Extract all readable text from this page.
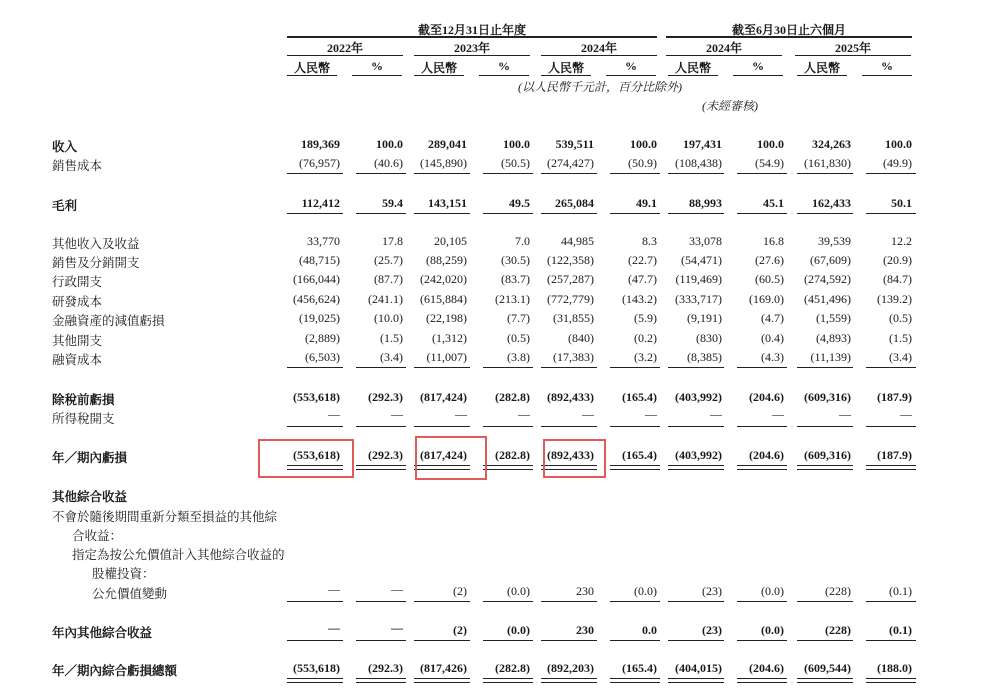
截至12月31日止年度	截至6月30日止六個月
2022年	2023年	2024年	2024年	2025年
人民幣	%	人民幣	%	人民幣	%	人民幣	%	人民幣	%
(以人民幣千元計，百分比除外)
(未經審核)
收入	189,369	100.0	289,041	100.0	539,511	100.0	197,431	100.0	324,263	100.0
銷售成本	(76,957)	(40.6)	(145,890)	(50.5)	(274,427)	(50.9)	(108,438)	(54.9)	(161,830)	(49.9)
毛利	112,412	59.4	143,151	49.5	265,084	49.1	88,993	45.1	162,433	50.1
其他收入及收益	33,770	17.8	20,105	7.0	44,985	8.3	33,078	16.8	39,539	12.2
銷售及分銷開支	(48,715)	(25.7)	(88,259)	(30.5)	(122,358)	(22.7)	(54,471)	(27.6)	(67,609)	(20.9)
行政開支	(166,044)	(87.7)	(242,020)	(83.7)	(257,287)	(47.7)	(119,469)	(60.5)	(274,592)	(84.7)
研發成本	(456,624)	(241.1)	(615,884)	(213.1)	(772,779)	(143.2)	(333,717)	(169.0)	(451,496)	(139.2)
金融資產的減值虧損	(19,025)	(10.0)	(22,198)	(7.7)	(31,855)	(5.9)	(9,191)	(4.7)	(1,559)	(0.5)
其他開支	(2,889)	(1.5)	(1,312)	(0.5)	(840)	(0.2)	(830)	(0.4)	(4,893)	(1.5)
融資成本	(6,503)	(3.4)	(11,007)	(3.8)	(17,383)	(3.2)	(8,385)	(4.3)	(11,139)	(3.4)
除稅前虧損	(553,618)	(292.3)	(817,424)	(282.8)	(892,433)	(165.4)	(403,992)	(204.6)	(609,316)	(187.9)
所得稅開支	—	—	—	—	—	—	—	—	—	—
年／期內虧損	(553,618)	(292.3)	(817,424)	(282.8)	(892,433)	(165.4)	(403,992)	(204.6)	(609,316)	(187.9)
其他綜合收益
不會於隨後期間重新分類至損益的其他綜
合收益：
指定為按公允價值計入其他綜合收益的
股權投資：
公允價值變動	—	—	(2)	(0.0)	230	(0.0)	(23)	(0.0)	(228)	(0.1)
年內其他綜合收益	—	—	(2)	(0.0)	230	0.0	(23)	(0.0)	(228)	(0.1)
年／期內綜合虧損總額	(553,618)	(292.3)	(817,426)	(282.8)	(892,203)	(165.4)	(404,015)	(204.6)	(609,544)	(188.0)
